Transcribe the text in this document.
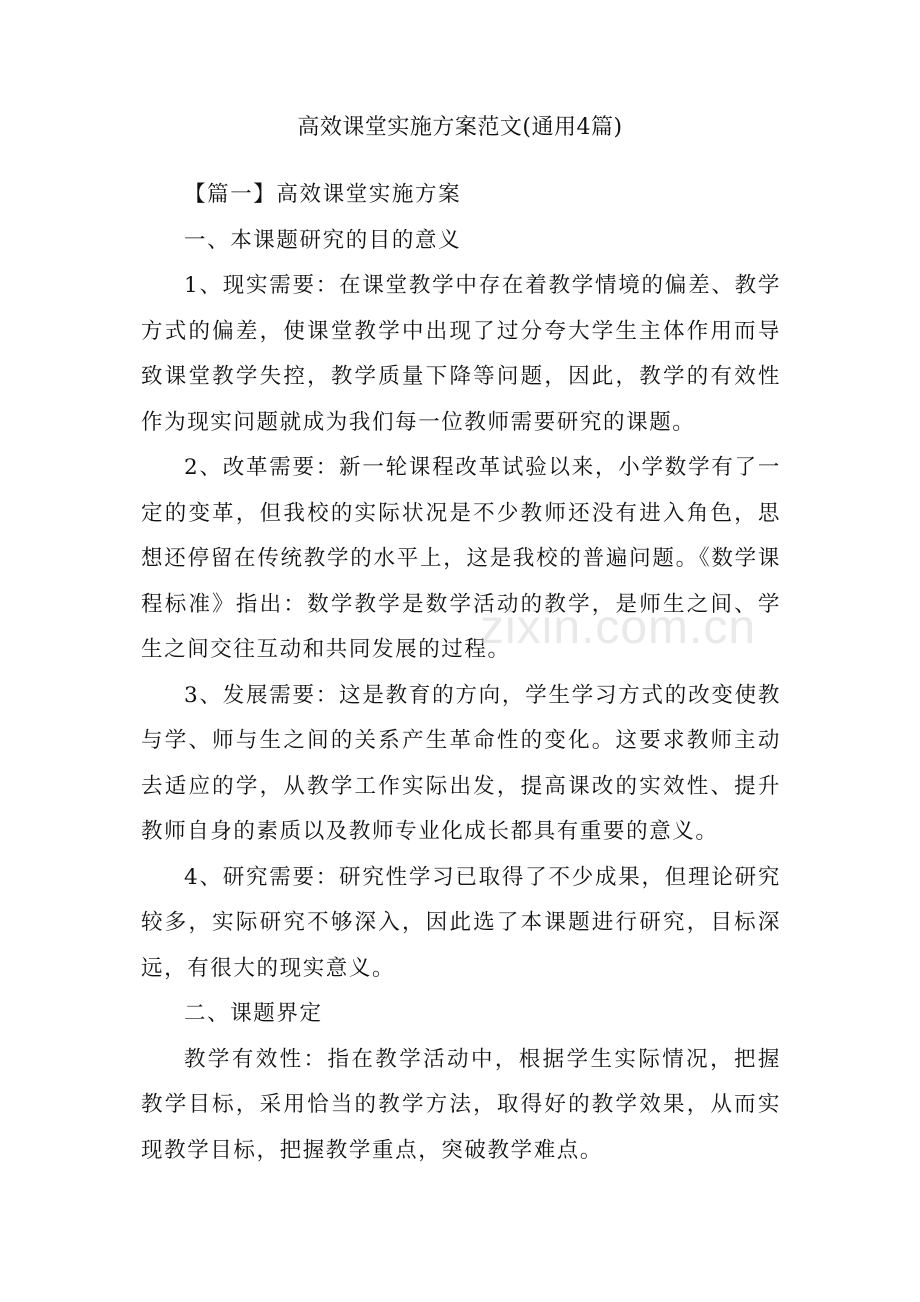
高效课堂实施方案范文(通用4篇)

【篇一】高效课堂实施方案

一、本课题研究的目的意义

1、现实需要：在课堂教学中存在着教学情境的偏差、教学方式的偏差，使课堂教学中出现了过分夸大学生主体作用而导致课堂教学失控，教学质量下降等问题，因此，教学的有效性作为现实问题就成为我们每一位教师需要研究的课题。

2、改革需要：新一轮课程改革试验以来，小学数学有了一定的变革，但我校的实际状况是不少教师还没有进入角色，思想还停留在传统教学的水平上，这是我校的普遍问题。《数学课程标准》指出：数学教学是数学活动的教学，是师生之间、学生之间交往互动和共同发展的过程。

3、发展需要：这是教育的方向，学生学习方式的改变使教与学、师与生之间的关系产生革命性的变化。这要求教师主动去适应的学，从教学工作实际出发，提高课改的实效性、提升教师自身的素质以及教师专业化成长都具有重要的意义。

4、研究需要：研究性学习已取得了不少成果，但理论研究较多，实际研究不够深入，因此选了本课题进行研究，目标深远，有很大的现实意义。

二、课题界定

教学有效性：指在教学活动中，根据学生实际情况，把握教学目标，采用恰当的教学方法，取得好的教学效果，从而实现教学目标，把握教学重点，突破教学难点。

zixin.com.cn
